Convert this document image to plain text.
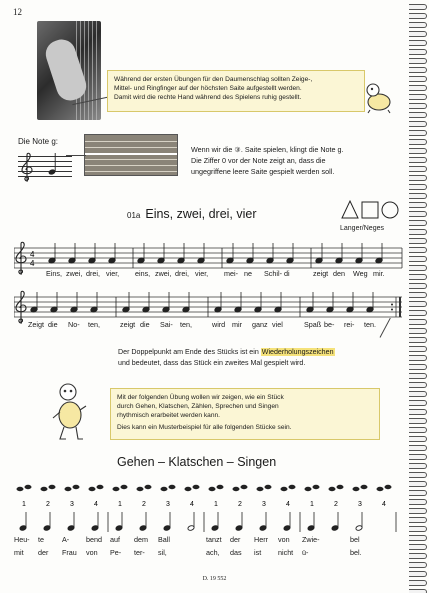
12

Während der ersten Übungen für den Daumenschlag sollten Zeige-,

Mittel- und Ringfinger auf der höchsten Saite aufgestellt werden.

Damit wird die rechte Hand während des Spielens ruhig gestellt.

Die Note g:
Wenn wir die ③. Saite spielen, klingt die Note g.
Die Ziffer 0 vor der Note zeigt an, dass die
ungegriffene leere Saite gespielt werden soll.
01a Eins, zwei, drei, vier
Langer/Neges
4
4
Eins, zwei, drei, vier, eins, zwei, drei, vier, mei- ne Schil- di	zeigt den Weg mir.
Zeigt die No- ten,	zeigt die Sai- ten,	wird mir ganz viel	Spaß be- rei- ten.
Der Doppelpunkt am Ende des Stücks ist ein Wiederholungszeichen
und bedeutet, dass das Stück ein zweites Mal gespielt wird.

Mit der folgenden Übung wollen wir zeigen, wie ein Stück

durch Gehen, Klatschen, Zählen, Sprechen und Singen

rhythmisch erarbeitet werden kann.

Dies kann ein Musterbeispiel für alle folgenden Stücke sein.

Gehen – Klatschen – Singen
1	2	3	4	1	2	3	4	1	2	3	4	1	2	3	4
Heu- te	A- bend auf dem Ball	tanzt der Herr von Zwie-	bel
mit der Frau von Pe- ter- sil,	ach, das ist nicht ü-	bel.
D. 19 552
